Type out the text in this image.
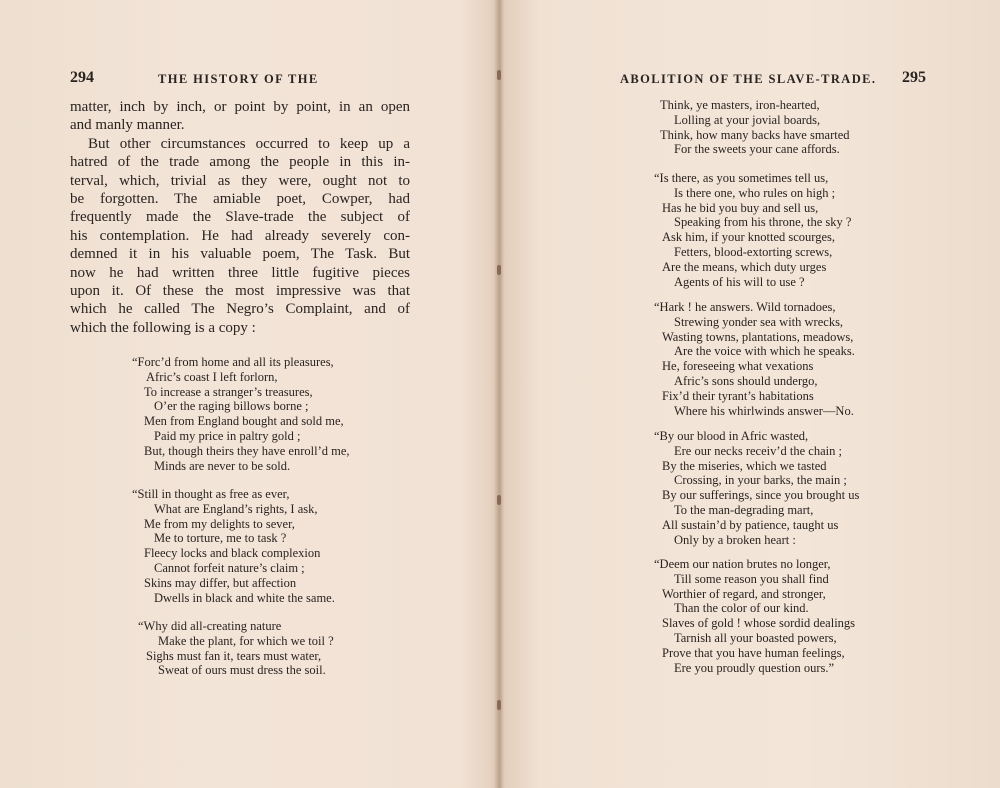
294	THE HISTORY OF THE
matter, inch by inch, or point by point, in an open
and manly manner.
But other circumstances occurred to keep up a
hatred of the trade among the people in this in-
terval, which, trivial as they were, ought not to
be forgotten. The amiable poet, Cowper, had
frequently made the Slave-trade the subject of
his contemplation. He had already severely con-
demned it in his valuable poem, The Task. But
now he had written three little fugitive pieces
upon it. Of these the most impressive was that
which he called The Negro’s Complaint, and of
which the following is a copy :
“Forc’d from home and all its pleasures,
Afric’s coast I left forlorn,
To increase a stranger’s treasures,
O’er the raging billows borne ;
Men from England bought and sold me,
Paid my price in paltry gold ;
But, though theirs they have enroll’d me,
Minds are never to be sold.
“Still in thought as free as ever,
What are England’s rights, I ask,
Me from my delights to sever,
Me to torture, me to task ?
Fleecy locks and black complexion
Cannot forfeit nature’s claim ;
Skins may differ, but affection
Dwells in black and white the same.
“Why did all-creating nature
Make the plant, for which we toil ?
Sighs must fan it, tears must water,
Sweat of ours must dress the soil.
ABOLITION OF THE SLAVE-TRADE. 295
Think, ye masters, iron-hearted,
Lolling at your jovial boards,
Think, how many backs have smarted
For the sweets your cane affords.
“Is there, as you sometimes tell us,
Is there one, who rules on high ;
Has he bid you buy and sell us,
Speaking from his throne, the sky ?
Ask him, if your knotted scourges,
Fetters, blood-extorting screws,
Are the means, which duty urges
Agents of his will to use ?
“Hark ! he answers. Wild tornadoes,
Strewing yonder sea with wrecks,
Wasting towns, plantations, meadows,
Are the voice with which he speaks.
He, foreseeing what vexations
Afric’s sons should undergo,
Fix’d their tyrant’s habitations
Where his whirlwinds answer—No.
“By our blood in Afric wasted,
Ere our necks receiv’d the chain ;
By the miseries, which we tasted
Crossing, in your barks, the main ;
By our sufferings, since you brought us
To the man-degrading mart,
All sustain’d by patience, taught us
Only by a broken heart :
“Deem our nation brutes no longer,
Till some reason you shall find
Worthier of regard, and stronger,
Than the color of our kind.
Slaves of gold ! whose sordid dealings
Tarnish all your boasted powers,
Prove that you have human feelings,
Ere you proudly question ours.”
